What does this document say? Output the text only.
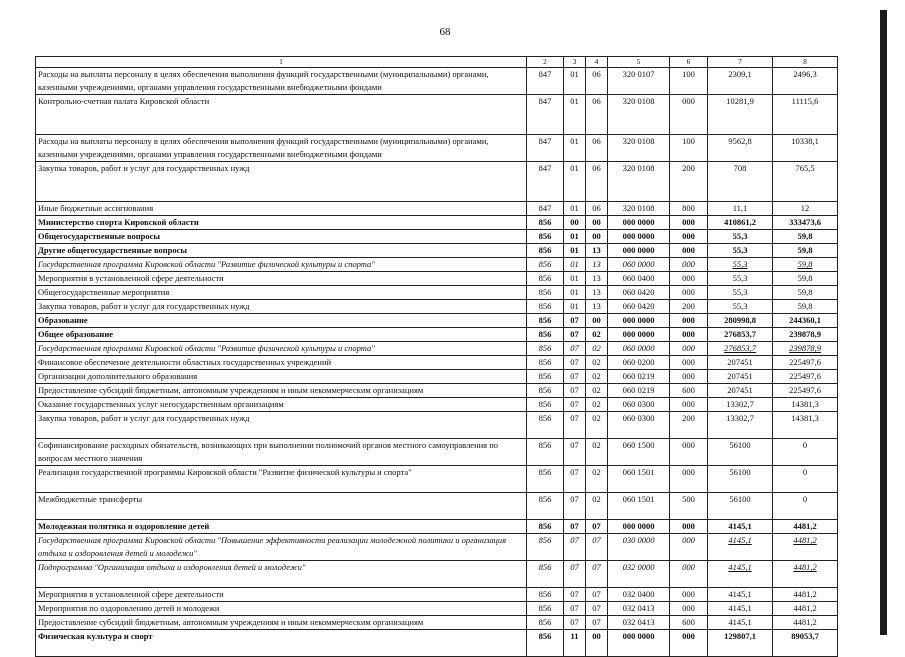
68
1	2	3	4	5	6	7	8
Расходы на выплаты персоналу в целях обеспечения выполнения функций государственными (муниципальными) органами, казенными учреждениями, органами управления государственными внебюджетными фондами	847	01	06	320 0107	100	2309,1	2496,3
Контрольно-счетная палата Кировской области	847	01	06	320 0108	000	10281,9	11115,6
Расходы на выплаты персоналу в целях обеспечения выполнения функций государственными (муниципальными) органами, казенными учреждениями, органами управления государственными внебюджетными фондами	847	01	06	320 0108	100	9562,8	10338,1
Закупка товаров, работ и услуг для государственных нужд	847	01	06	320 0108	200	708	765,5
Иные бюджетные ассигнования	847	01	06	320 0108	800	11,1	12
Министерство спорта Кировской области	856	00	00	000 0000	000	410861,2	333473,6
Общегосударственные вопросы	856	01	00	000 0000	000	55,3	59,8
Другие общегосударственные вопросы	856	01	13	000 0000	000	55,3	59,8
Государственная программа Кировской области "Развитие физической культуры и спорта"	856	01	13	060 0000	000	55,3	59,8
Мероприятия в установленной сфере деятельности	856	01	13	060 0400	000	55,3	59,8
Общегосударственные мероприятия	856	01	13	060 0420	000	55,3	59,8
Закупка товаров, работ и услуг для государственных нужд	856	01	13	060 0420	200	55,3	59,8
Образование	856	07	00	000 0000	000	280998,8	244360,1
Общее образование	856	07	02	000 0000	000	276853,7	239878,9
Государственная программа Кировской области "Развитие физической культуры и спорта"	856	07	02	060 0000	000	276853,7	239878,9
Финансовое обеспечение деятельности областных государственных учреждений	856	07	02	060 0200	000	207451	225497,6
Организации дополнительного образования	856	07	02	060 0219	000	207451	225497,6
Предоставление субсидий бюджетным, автономным учреждениям и иным некоммерческим организациям	856	07	02	060 0219	600	207451	225497,6
Оказание государственных услуг негосударственным организациям	856	07	02	060 0300	000	13302,7	14381,3
Закупка товаров, работ и услуг для государственных нужд	856	07	02	060 0300	200	13302,7	14381,3
Софинансирование расходных обязательств, возникающих при выполнении полномочий органов местного самоуправления по вопросам местного значения	856	07	02	060 1500	000	56100	0
Реализация государственной программы Кировской области "Развитие физической культуры и спорта"	856	07	02	060 1501	000	56100	0
Межбюджетные трансферты	856	07	02	060 1501	500	56100	0
Молодежная политика и оздоровление детей	856	07	07	000 0000	000	4145,1	4481,2
Государственная программа Кировской области "Повышение эффективности реализации молодежной политики и организация отдыха и оздоровления детей и молодежи"	856	07	07	030 0000	000	4145,1	4481,2
Подпрограмма "Организация отдыха и оздоровления детей и молодежи"	856	07	07	032 0000	000	4145,1	4481,2
Мероприятия в установленной сфере деятельности	856	07	07	032 0400	000	4145,1	4481,2
Мероприятия по оздоровлению детей и молодежи	856	07	07	032 0413	000	4145,1	4481,2
Предоставление субсидий бюджетным, автономным учреждениям и иным некоммерческим организациям	856	07	07	032 0413	600	4145,1	4481,2
Физическая культура и спорт	856	11	00	000 0000	000	129807,1	89053,7
